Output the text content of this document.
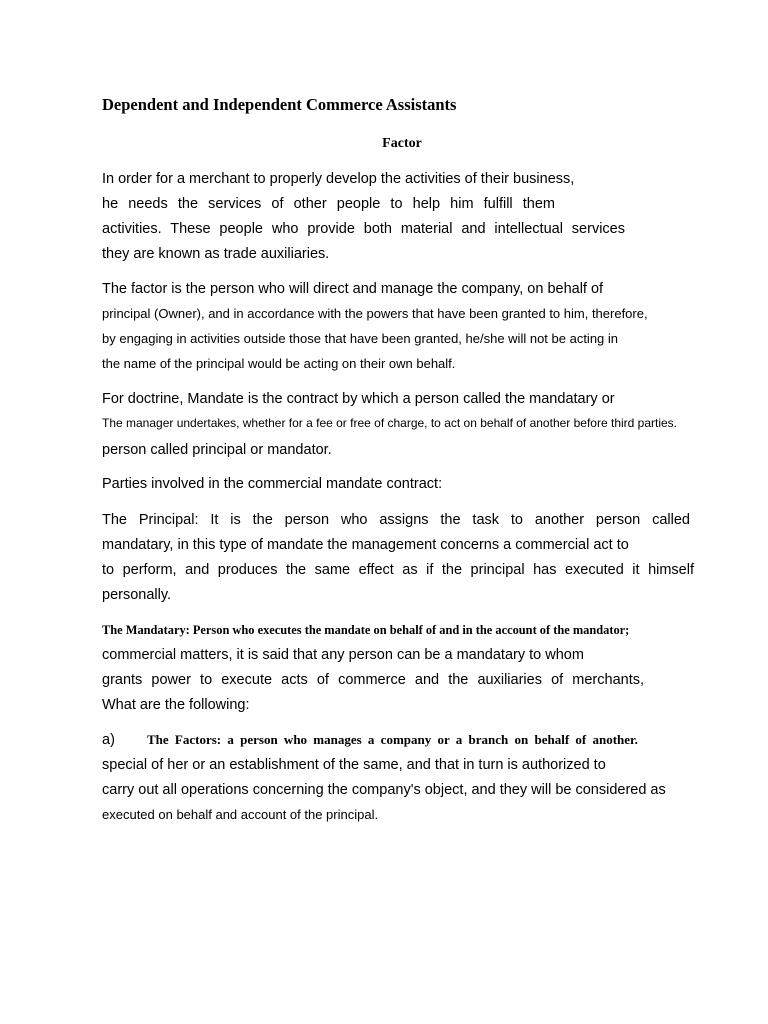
Dependent and Independent Commerce Assistants
Factor
In order for a merchant to properly develop the activities of their business,
he needs the services of other people to help him fulfill them
activities. These people who provide both material and intellectual services
they are known as trade auxiliaries.
The factor is the person who will direct and manage the company, on behalf of
principal (Owner), and in accordance with the powers that have been granted to him, therefore,
by engaging in activities outside those that have been granted, he/she will not be acting in
the name of the principal would be acting on their own behalf.
For doctrine, Mandate is the contract by which a person called the mandatary or
The manager undertakes, whether for a fee or free of charge, to act on behalf of another before third parties.
person called principal or mandator.
Parties involved in the commercial mandate contract:
The Principal: It is the person who assigns the task to another person called
mandatary, in this type of mandate the management concerns a commercial act to
to perform, and produces the same effect as if the principal has executed it himself
personally.
The Mandatary: Person who executes the mandate on behalf of and in the account of the mandator;
commercial matters, it is said that any person can be a mandatary to whom
grants power to execute acts of commerce and the auxiliaries of merchants,
What are the following:
a) The Factors: a person who manages a company or a branch on behalf of another.
special of her or an establishment of the same, and that in turn is authorized to
carry out all operations concerning the company's object, and they will be considered as
executed on behalf and account of the principal.
